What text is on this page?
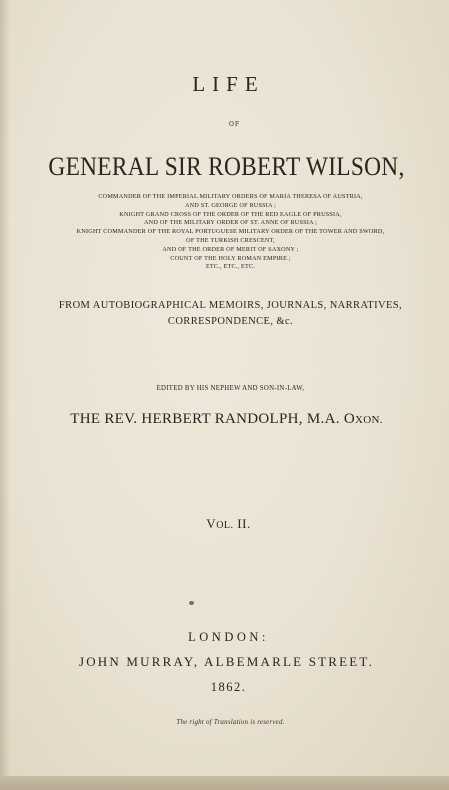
LIFE
OF
GENERAL SIR ROBERT WILSON,
COMMANDER OF THE IMPERIAL MILITARY ORDERS OF MARIA THERESA OF AUSTRIA,
AND ST. GEORGE OF RUSSIA ;
KNIGHT GRAND CROSS OF THE ORDER OF THE RED EAGLE OF PRUSSIA,
AND OF THE MILITARY ORDER OF ST. ANNE OF RUSSIA ;
KNIGHT COMMANDER OF THE ROYAL PORTUGUESE MILITARY ORDER OF THE TOWER AND SWORD,
OF THE TURKISH CRESCENT,
AND OF THE ORDER OF MERIT OF SAXONY ;
COUNT OF THE HOLY ROMAN EMPIRE ;
ETC., ETC., ETC.
FROM AUTOBIOGRAPHICAL MEMOIRS, JOURNALS, NARRATIVES,
CORRESPONDENCE, &c.
EDITED BY HIS NEPHEW AND SON-IN-LAW,
THE REV. HERBERT RANDOLPH, M.A. OXON.
VOL. II.
LONDON:
JOHN MURRAY, ALBEMARLE STREET.
1862.
The right of Translation is reserved.
